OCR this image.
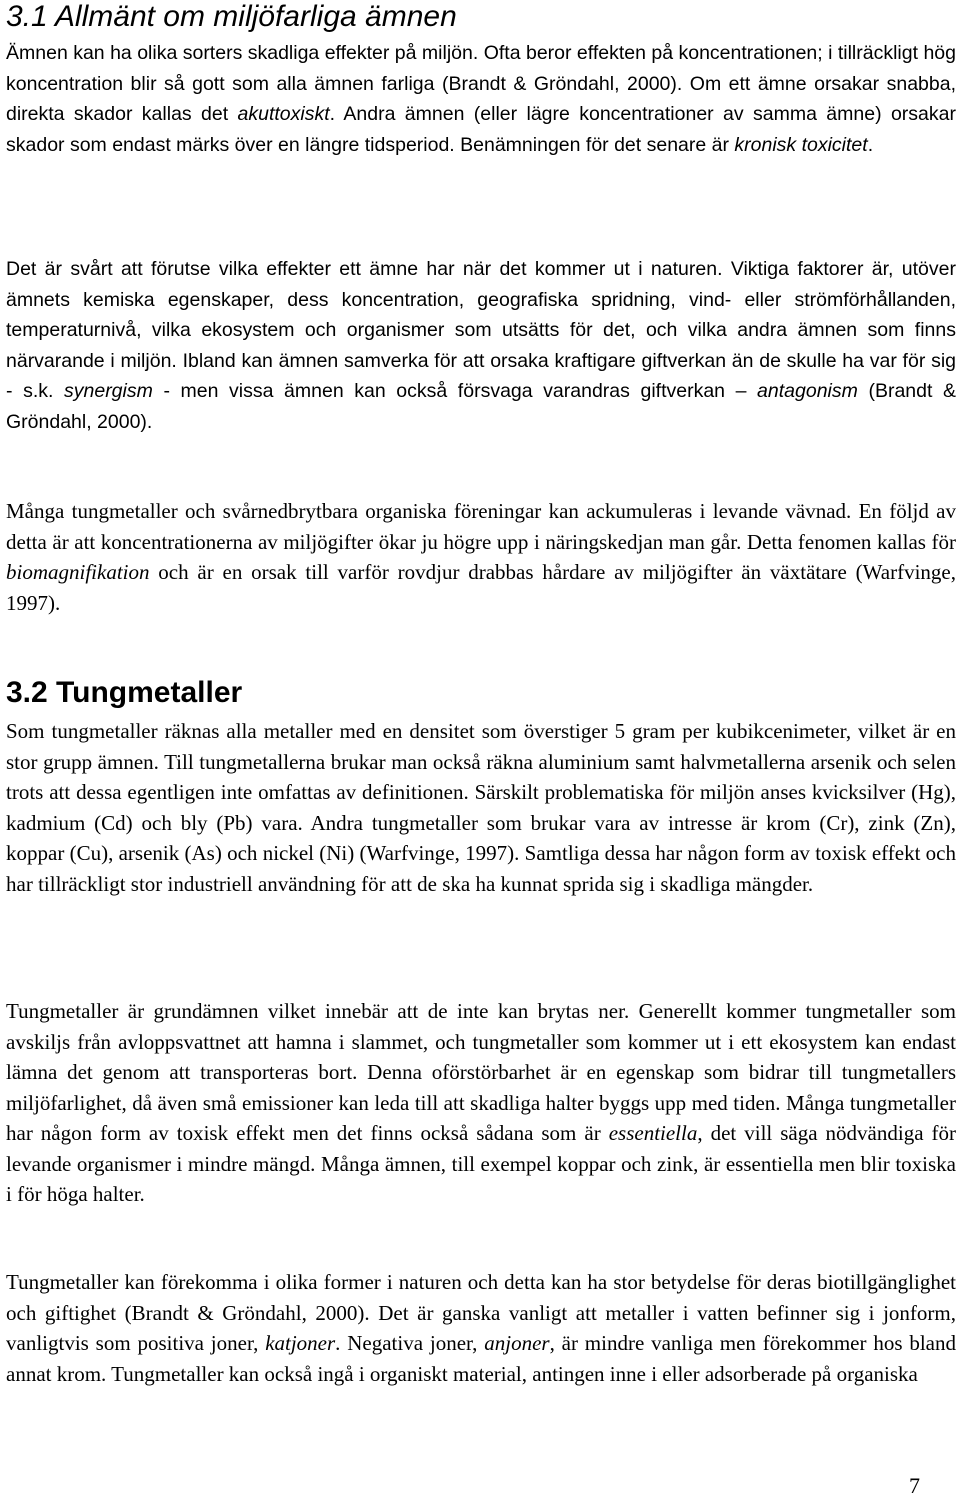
3.1 Allmänt om miljöfarliga ämnen

Ämnen kan ha olika sorters skadliga effekter på miljön. Ofta beror effekten på koncentrationen; i tillräckligt hög koncentration blir så gott som alla ämnen farliga (Brandt & Gröndahl, 2000). Om ett ämne orsakar snabba, direkta skador kallas det akuttoxiskt. Andra ämnen (eller lägre koncentrationer av samma ämne) orsakar skador som endast märks över en längre tidsperiod. Benämningen för det senare är kronisk toxicitet.

Det är svårt att förutse vilka effekter ett ämne har när det kommer ut i naturen. Viktiga faktorer är, utöver ämnets kemiska egenskaper, dess koncentration, geografiska spridning, vind- eller strömförhållanden, temperaturnivå, vilka ekosystem och organismer som utsätts för det, och vilka andra ämnen som finns närvarande i miljön. Ibland kan ämnen samverka för att orsaka kraftigare giftverkan än de skulle ha var för sig - s.k. synergism - men vissa ämnen kan också försvaga varandras giftverkan – antagonism (Brandt & Gröndahl, 2000).

Många tungmetaller och svårnedbrytbara organiska föreningar kan ackumuleras i levande vävnad. En följd av detta är att koncentrationerna av miljögifter ökar ju högre upp i näringskedjan man går. Detta fenomen kallas för biomagnifikation och är en orsak till varför rovdjur drabbas hårdare av miljögifter än växtätare (Warfvinge, 1997).

3.2 Tungmetaller

Som tungmetaller räknas alla metaller med en densitet som överstiger 5 gram per kubikcenimeter, vilket är en stor grupp ämnen. Till tungmetallerna brukar man också räkna aluminium samt halvmetallerna arsenik och selen trots att dessa egentligen inte omfattas av definitionen. Särskilt problematiska för miljön anses kvicksilver (Hg), kadmium (Cd) och bly (Pb) vara. Andra tungmetaller som brukar vara av intresse är krom (Cr), zink (Zn), koppar (Cu), arsenik (As) och nickel (Ni) (Warfvinge, 1997). Samtliga dessa har någon form av toxisk effekt och har tillräckligt stor industriell användning för att de ska ha kunnat sprida sig i skadliga mängder.

Tungmetaller är grundämnen vilket innebär att de inte kan brytas ner. Generellt kommer tungmetaller som avskiljs från avloppsvattnet att hamna i slammet, och tungmetaller som kommer ut i ett ekosystem kan endast lämna det genom att transporteras bort. Denna oförstörbarhet är en egenskap som bidrar till tungmetallers miljöfarlighet, då även små emissioner kan leda till att skadliga halter byggs upp med tiden. Många tungmetaller har någon form av toxisk effekt men det finns också sådana som är essentiella, det vill säga nödvändiga för levande organismer i mindre mängd. Många ämnen, till exempel koppar och zink, är essentiella men blir toxiska i för höga halter.

Tungmetaller kan förekomma i olika former i naturen och detta kan ha stor betydelse för deras biotillgänglighet och giftighet (Brandt & Gröndahl, 2000). Det är ganska vanligt att metaller i vatten befinner sig i jonform, vanligtvis som positiva joner, katjoner. Negativa joner, anjoner, är mindre vanliga men förekommer hos bland annat krom. Tungmetaller kan också ingå i organiskt material, antingen inne i eller adsorberade på organiska

7
